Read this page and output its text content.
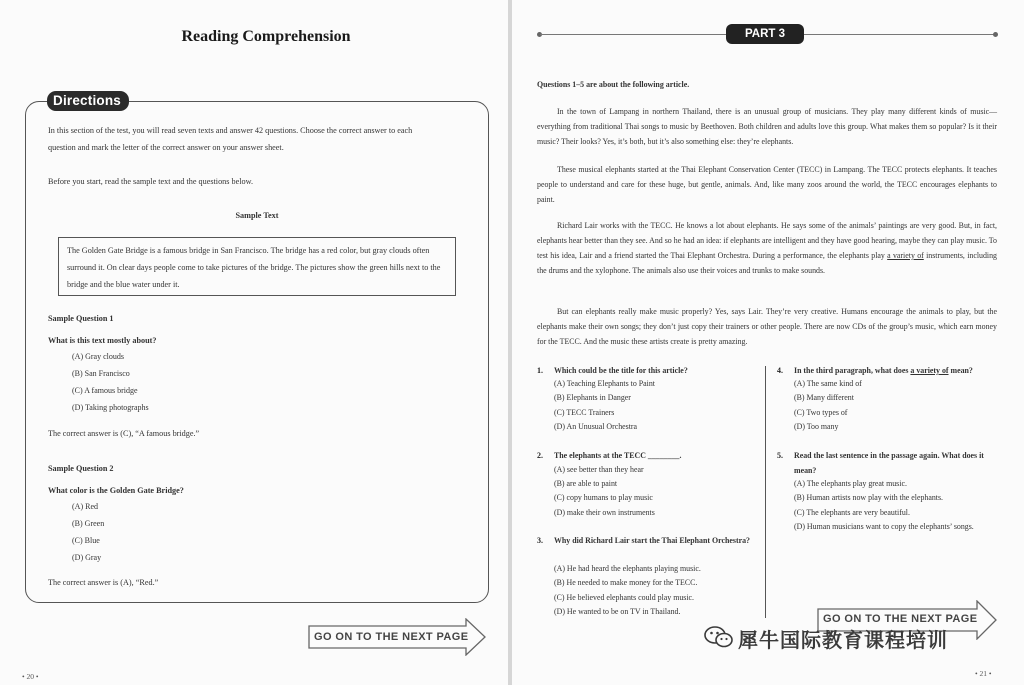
Reading Comprehension
Directions
In this section of the test, you will read seven texts and answer 42 questions. Choose the correct answer to each
question and mark the letter of the correct answer on your answer sheet.
Before you start, read the sample text and the questions below.
Sample Text
The Golden Gate Bridge is a famous bridge in San Francisco. The bridge has a red color, but gray clouds often surround it. On clear days people come to take pictures of the bridge. The pictures show the green hills next to the bridge and the blue water under it.
Sample Question 1
What is this text mostly about?
(A) Gray clouds
(B) San Francisco
(C) A famous bridge
(D) Taking photographs
The correct answer is (C), “A famous bridge.”
Sample Question 2
What color is the Golden Gate Bridge?
(A) Red
(B) Green
(C) Blue
(D) Gray
The correct answer is (A), “Red.”
GO ON TO THE NEXT PAGE
• 20 •
PART 3
Questions 1–5 are about the following article.
In the town of Lampang in northern Thailand, there is an unusual group of musicians. They play many different kinds of music—everything from traditional Thai songs to music by Beethoven. Both children and adults love this group. What makes them so popular? Is it their music? Their looks? Yes, it’s both, but it’s also something else: they’re elephants.
These musical elephants started at the Thai Elephant Conservation Center (TECC) in Lampang. The TECC protects elephants. It teaches people to understand and care for these huge, but gentle, animals. And, like many zoos around the world, the TECC encourages elephants to paint.
Richard Lair works with the TECC. He knows a lot about elephants. He says some of the animals’ paintings are very good. But, in fact, elephants hear better than they see. And so he had an idea: if elephants are intelligent and they have good hearing, maybe they can play music. To test his idea, Lair and a friend started the Thai Elephant Orchestra. During a performance, the elephants play a variety of instruments, including the drums and the xylophone. The animals also use their voices and trunks to make sounds.
But can elephants really make music properly? Yes, says Lair. They’re very creative. Humans encourage the animals to play, but the elephants make their own songs; they don’t just copy their trainers or other people. There are now CDs of the group’s music, which earn money for the TECC. And the music these artists create is pretty amazing.
1. Which could be the title for this article?
(A) Teaching Elephants to Paint
(B) Elephants in Danger
(C) TECC Trainers
(D) An Unusual Orchestra
2. The elephants at the TECC ________.
(A) see better than they hear
(B) are able to paint
(C) copy humans to play music
(D) make their own instruments
3. Why did Richard Lair start the Thai Elephant Orchestra?
(A) He had heard the elephants playing music.
(B) He needed to make money for the TECC.
(C) He believed elephants could play music.
(D) He wanted to be on TV in Thailand.
4. In the third paragraph, what does a variety of mean?
(A) The same kind of
(B) Many different
(C) Two types of
(D) Too many
5. Read the last sentence in the passage again. What does it mean?
(A) The elephants play great music.
(B) Human artists now play with the elephants.
(C) The elephants are very beautiful.
(D) Human musicians want to copy the elephants’ songs.
GO ON TO THE NEXT PAGE
犀牛国际教育课程培训
• 21 •
